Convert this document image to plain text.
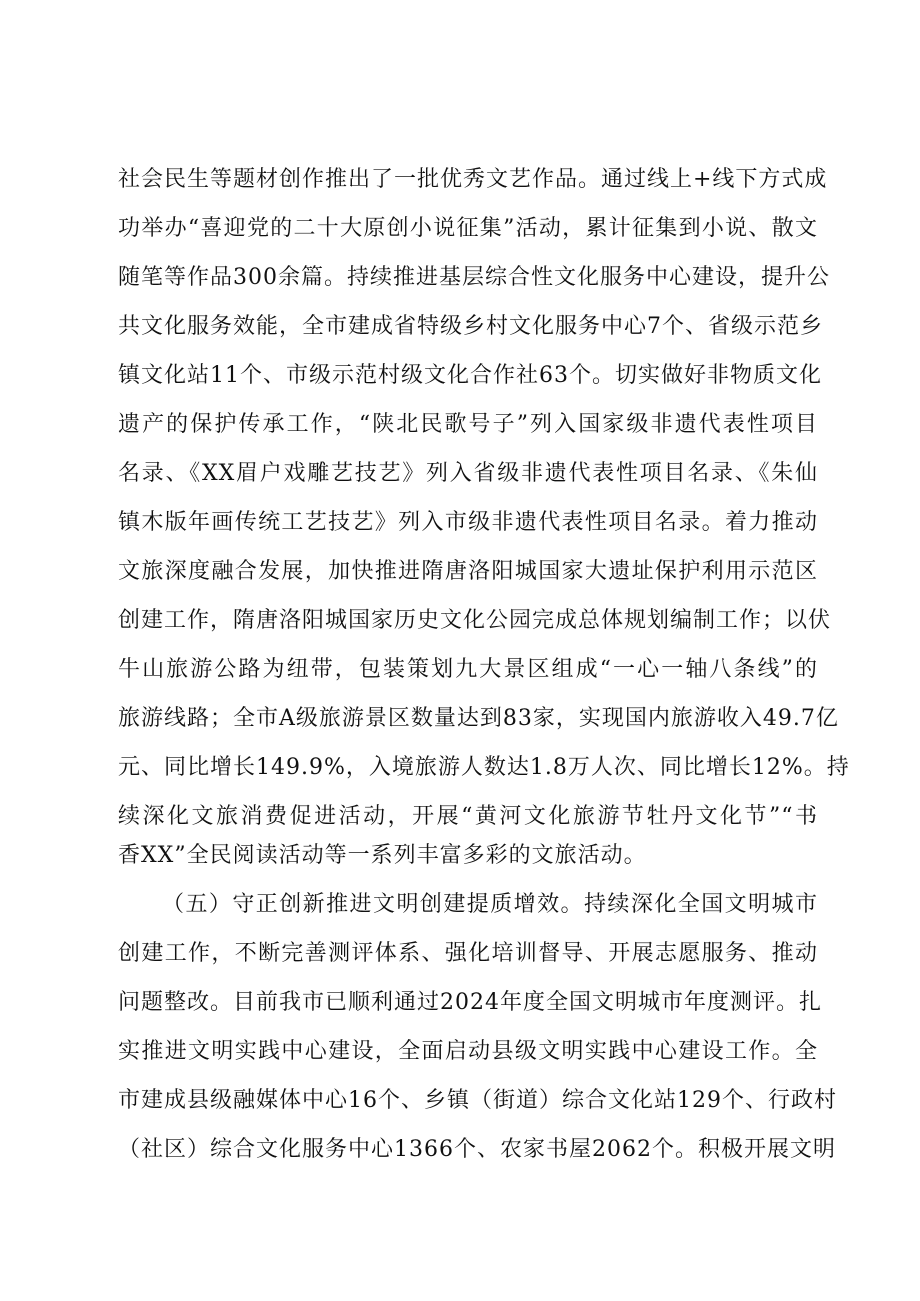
社会民生等题材创作推出了一批优秀文艺作品。通过线上+线下方式成
功举办“喜迎党的二十大原创小说征集”活动，累计征集到小说、散文
随笔等作品300余篇。持续推进基层综合性文化服务中心建设，提升公
共文化服务效能，全市建成省特级乡村文化服务中心7个、省级示范乡
镇文化站11个、市级示范村级文化合作社63个。切实做好非物质文化
遗产的保护传承工作，“陕北民歌号子”列入国家级非遗代表性项目
名录、《XX眉户戏雕艺技艺》列入省级非遗代表性项目名录、《朱仙
镇木版年画传统工艺技艺》列入市级非遗代表性项目名录。着力推动
文旅深度融合发展，加快推进隋唐洛阳城国家大遗址保护利用示范区
创建工作，隋唐洛阳城国家历史文化公园完成总体规划编制工作；以伏
牛山旅游公路为纽带，包装策划九大景区组成“一心一轴八条线”的
旅游线路；全市A级旅游景区数量达到83家，实现国内旅游收入49.7亿
元、同比增长149.9%，入境旅游人数达1.8万人次、同比增长12%。持
续深化文旅消费促进活动，开展“黄河文化旅游节牡丹文化节”“书
香XX”全民阅读活动等一系列丰富多彩的文旅活动。
（五）守正创新推进文明创建提质增效。持续深化全国文明城市
创建工作，不断完善测评体系、强化培训督导、开展志愿服务、推动
问题整改。目前我市已顺利通过2024年度全国文明城市年度测评。扎
实推进文明实践中心建设，全面启动县级文明实践中心建设工作。全
市建成县级融媒体中心16个、乡镇（街道）综合文化站129个、行政村
（社区）综合文化服务中心1366个、农家书屋2062个。积极开展文明
